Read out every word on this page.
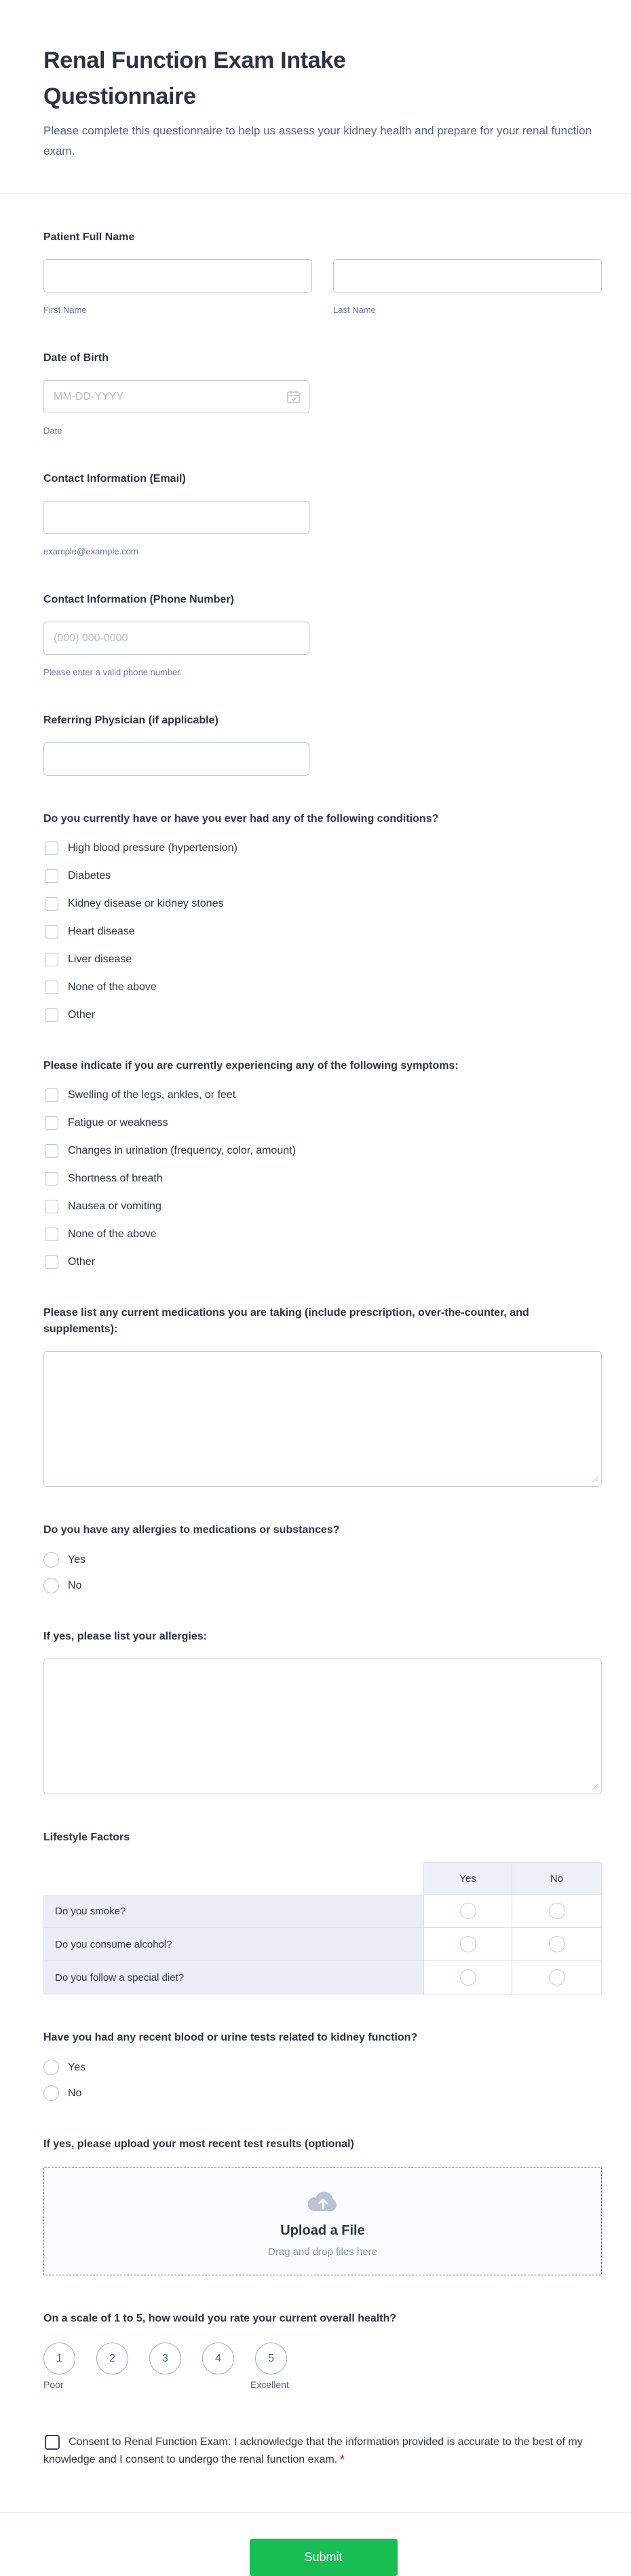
Renal Function Exam Intake Questionnaire

Please complete this questionnaire to help us assess your kidney health and prepare for your renal function exam.

Patient Full Name
First Name	Last Name
Date of Birth
MM-DD-YYYY
Date
Contact Information (Email)
example@example.com
Contact Information (Phone Number)
(000) 000-0000
Please enter a valid phone number.
Referring Physician (if applicable)
Do you currently have or have you ever had any of the following conditions?
High blood pressure (hypertension)
Diabetes
Kidney disease or kidney stones
Heart disease
Liver disease
None of the above
Other
Please indicate if you are currently experiencing any of the following symptoms:
Swelling of the legs, ankles, or feet
Fatigue or weakness
Changes in urination (frequency, color, amount)
Shortness of breath
Nausea or vomiting
None of the above
Other
Please list any current medications you are taking (include prescription, over-the-counter, and supplements):
Do you have any allergies to medications or substances?
Yes
No
If yes, please list your allergies:
Lifestyle Factors
Yes	No
Do you smoke?
Do you consume alcohol?
Do you follow a special diet?
Have you had any recent blood or urine tests related to kidney function?
Yes
No
If yes, please upload your most recent test results (optional)
Upload a File
Drag and drop files here
On a scale of 1 to 5, how would you rate your current overall health?
1	2	3	4	5
Poor	Excellent
Consent to Renal Function Exam: I acknowledge that the information provided is accurate to the best of my knowledge and I consent to undergo the renal function exam. *
Submit
